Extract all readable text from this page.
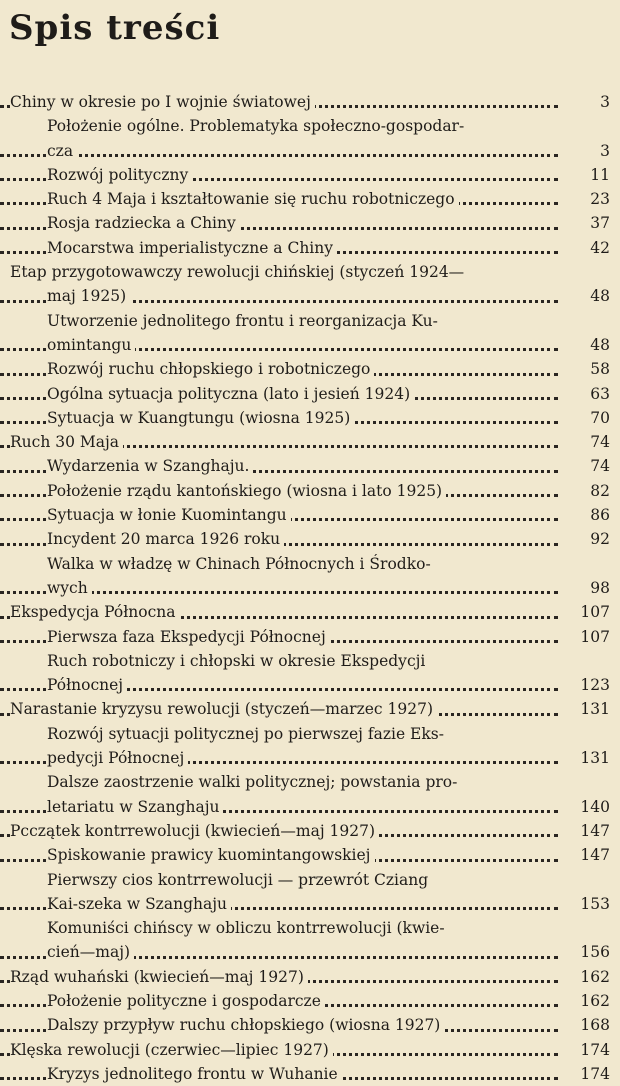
Spis treści
Chiny w okresie po I wojnie światowej	3
Położenie ogólne. Problematyka społeczno-gospodar-
cza	3
Rozwój polityczny	11
Ruch 4 Maja i kształtowanie się ruchu robotniczego	23
Rosja radziecka a Chiny	37
Mocarstwa imperialistyczne a Chiny	42
Etap przygotowawczy rewolucji chińskiej (styczeń 1924—
maj 1925)	48
Utworzenie jednolitego frontu i reorganizacja Ku-
omintangu	48
Rozwój ruchu chłopskiego i robotniczego	58
Ogólna sytuacja polityczna (lato i jesień 1924)	63
Sytuacja w Kuangtungu (wiosna 1925)	70
Ruch 30 Maja	74
Wydarzenia w Szanghaju.	74
Położenie rządu kantońskiego (wiosna i lato 1925)	82
Sytuacja w łonie Kuomintangu	86
Incydent 20 marca 1926 roku	92
Walka w władzę w Chinach Północnych i Środko-
wych	98
Ekspedycja Północna	107
Pierwsza faza Ekspedycji Północnej	107
Ruch robotniczy i chłopski w okresie Ekspedycji
Północnej	123
Narastanie kryzysu rewolucji (styczeń—marzec 1927)	131
Rozwój sytuacji politycznej po pierwszej fazie Eks-
pedycji Północnej	131
Dalsze zaostrzenie walki politycznej; powstania pro-
letariatu w Szanghaju	140
Pcczątek kontrrewolucji (kwiecień—maj 1927)	147
Spiskowanie prawicy kuomintangowskiej	147
Pierwszy cios kontrrewolucji — przewrót Cziang
Kai-szeka w Szanghaju	153
Komuniści chińscy w obliczu kontrrewolucji (kwie-
cień—maj)	156
Rząd wuhański (kwiecień—maj 1927)	162
Położenie polityczne i gospodarcze	162
Dalszy przypływ ruchu chłopskiego (wiosna 1927)	168
Klęska rewolucji (czerwiec—lipiec 1927)	174
Kryzys jednolitego frontu w Wuhanie	174
